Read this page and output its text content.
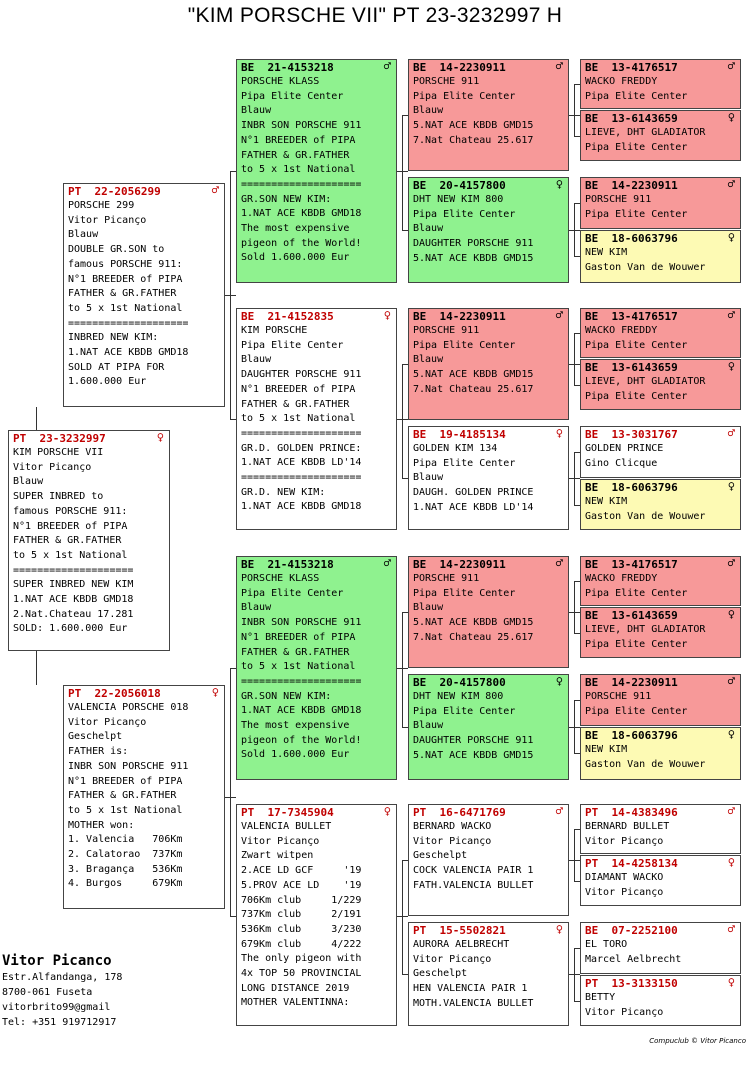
"KIM PORSCHE VII" PT 23-3232997 H
PT  23-3232997	♀
KIM PORSCHE VII
Vitor Picanço
Blauw
SUPER INBRED to
famous PORSCHE 911:
N°1 BREEDER of PIPA
FATHER & GR.FATHER
to 5 x 1st National
====================
SUPER INBRED NEW KIM
1.NAT ACE KBDB GMD18
2.Nat.Chateau 17.281
SOLD: 1.600.000 Eur
PT  22-2056299	♂
PORSCHE 299
Vitor Picanço
Blauw
DOUBLE GR.SON to
famous PORSCHE 911:
N°1 BREEDER of PIPA
FATHER & GR.FATHER
to 5 x 1st National
====================
INBRED NEW KIM:
1.NAT ACE KBDB GMD18
SOLD AT PIPA FOR
1.600.000 Eur
PT  22-2056018	♀
VALENCIA PORSCHE 018
Vitor Picanço
Geschelpt
FATHER is:
INBR SON PORSCHE 911
N°1 BREEDER of PIPA
FATHER & GR.FATHER
to 5 x 1st National
MOTHER won:
1. Valencia   706Km
2. Calatorao  737Km
3. Bragança   536Km
4. Burgos     679Km
BE  21-4153218	♂
PORSCHE KLASS
Pipa Elite Center
Blauw
INBR SON PORSCHE 911
N°1 BREEDER of PIPA
FATHER & GR.FATHER
to 5 x 1st National
====================
GR.SON NEW KIM:
1.NAT ACE KBDB GMD18
The most expensive
pigeon of the World!
Sold 1.600.000 Eur
BE  21-4152835	♀
KIM PORSCHE
Pipa Elite Center
Blauw
DAUGHTER PORSCHE 911
N°1 BREEDER of PIPA
FATHER & GR.FATHER
to 5 x 1st National
====================
GR.D. GOLDEN PRINCE:
1.NAT ACE KBDB LD'14
====================
GR.D. NEW KIM:
1.NAT ACE KBDB GMD18
BE  21-4153218	♂
PORSCHE KLASS
Pipa Elite Center
Blauw
INBR SON PORSCHE 911
N°1 BREEDER of PIPA
FATHER & GR.FATHER
to 5 x 1st National
====================
GR.SON NEW KIM:
1.NAT ACE KBDB GMD18
The most expensive
pigeon of the World!
Sold 1.600.000 Eur
PT  17-7345904	♀
VALENCIA BULLET
Vitor Picanço
Zwart witpen
2.ACE LD GCF     '19
5.PROV ACE LD    '19
706Km club     1/229
737Km club     2/191
536Km club     3/230
679Km club     4/222
The only pigeon with
4x TOP 50 PROVINCIAL
LONG DISTANCE 2019
MOTHER VALENTINNA:
BE  14-2230911	♂
PORSCHE 911
Pipa Elite Center
Blauw
5.NAT ACE KBDB GMD15
7.Nat Chateau 25.617
BE  20-4157800	♀
DHT NEW KIM 800
Pipa Elite Center
Blauw
DAUGHTER PORSCHE 911
5.NAT ACE KBDB GMD15
BE  14-2230911	♂
PORSCHE 911
Pipa Elite Center
Blauw
5.NAT ACE KBDB GMD15
7.Nat Chateau 25.617
BE  19-4185134	♀
GOLDEN KIM 134
Pipa Elite Center
Blauw
DAUGH. GOLDEN PRINCE
1.NAT ACE KBDB LD'14
BE  14-2230911	♂
PORSCHE 911
Pipa Elite Center
Blauw
5.NAT ACE KBDB GMD15
7.Nat Chateau 25.617
BE  20-4157800	♀
DHT NEW KIM 800
Pipa Elite Center
Blauw
DAUGHTER PORSCHE 911
5.NAT ACE KBDB GMD15
PT  16-6471769	♂
BERNARD WACKO
Vitor Picanço
Geschelpt
COCK VALENCIA PAIR 1
FATH.VALENCIA BULLET
PT  15-5502821	♀
AURORA AELBRECHT
Vitor Picanço
Geschelpt
HEN VALENCIA PAIR 1
MOTH.VALENCIA BULLET
BE  13-4176517	♂
WACKO FREDDY
Pipa Elite Center
BE  13-6143659	♀
LIEVE, DHT GLADIATOR
Pipa Elite Center
BE  14-2230911	♂
PORSCHE 911
Pipa Elite Center
BE  18-6063796	♀
NEW KIM
Gaston Van de Wouwer
BE  13-4176517	♂
WACKO FREDDY
Pipa Elite Center
BE  13-6143659	♀
LIEVE, DHT GLADIATOR
Pipa Elite Center
BE  13-3031767	♂
GOLDEN PRINCE
Gino Clicque
BE  18-6063796	♀
NEW KIM
Gaston Van de Wouwer
BE  13-4176517	♂
WACKO FREDDY
Pipa Elite Center
BE  13-6143659	♀
LIEVE, DHT GLADIATOR
Pipa Elite Center
BE  14-2230911	♂
PORSCHE 911
Pipa Elite Center
BE  18-6063796	♀
NEW KIM
Gaston Van de Wouwer
PT  14-4383496	♂
BERNARD BULLET
Vitor Picanço
PT  14-4258134	♀
DIAMANT WACKO
Vitor Picanço
BE  07-2252100	♂
EL TORO
Marcel Aelbrecht
PT  13-3133150	♀
BETTY
Vitor Picanço
Vitor Picanco
Estr.Alfandanga, 178
8700-061 Fuseta
vitorbrito99@gmail
Tel: +351 919712917
Compuclub © Vitor Picanco
